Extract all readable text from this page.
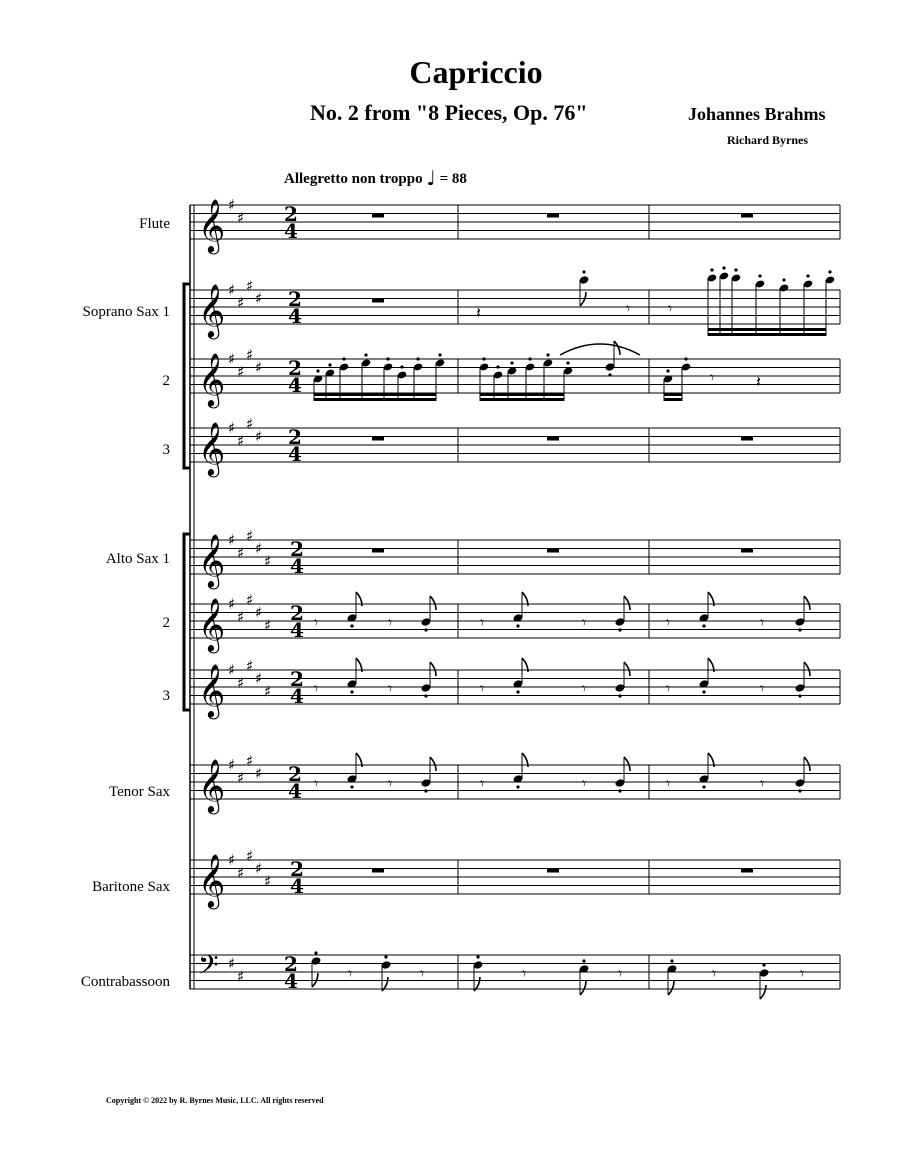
Capriccio
No. 2 from "8 Pieces, Op. 76"	Johannes Brahms
Richard Byrnes
Allegretto non troppo ♩ = 88
Flute
Soprano Sax 1
2
3
Alto Sax 1
2
3
Tenor Sax
Baritone Sax
Contrabassoon
𝄞 ♯
♯ 2
4
𝄞 ♯
♯
♯
♯ 2
4
𝄞 ♯
♯
♯
♯ 2
4
𝄞 ♯
♯
♯
♯ 2
4
𝄞 ♯
♯
♯
♯
♯
2
4
𝄞 ♯
♯
♯
♯
♯
2
4
𝄞 ♯
♯
♯
♯
♯
2
4
𝄞 ♯
♯
♯
♯ 2
4
𝄞 ♯
♯
♯
♯
♯
2
4
𝄢 ♯
♯
2
4
𝄽	𝄾 𝄾
𝄾	𝄽
𝄾	𝄾	𝄾	𝄾	𝄾	𝄾
𝄾	𝄾	𝄾	𝄾	𝄾	𝄾
𝄾	𝄾	𝄾	𝄾	𝄾	𝄾
𝄾	𝄾	𝄾	𝄾	𝄾	𝄾
Copyright © 2022 by R. Byrnes Music, LLC. All rights reserved
